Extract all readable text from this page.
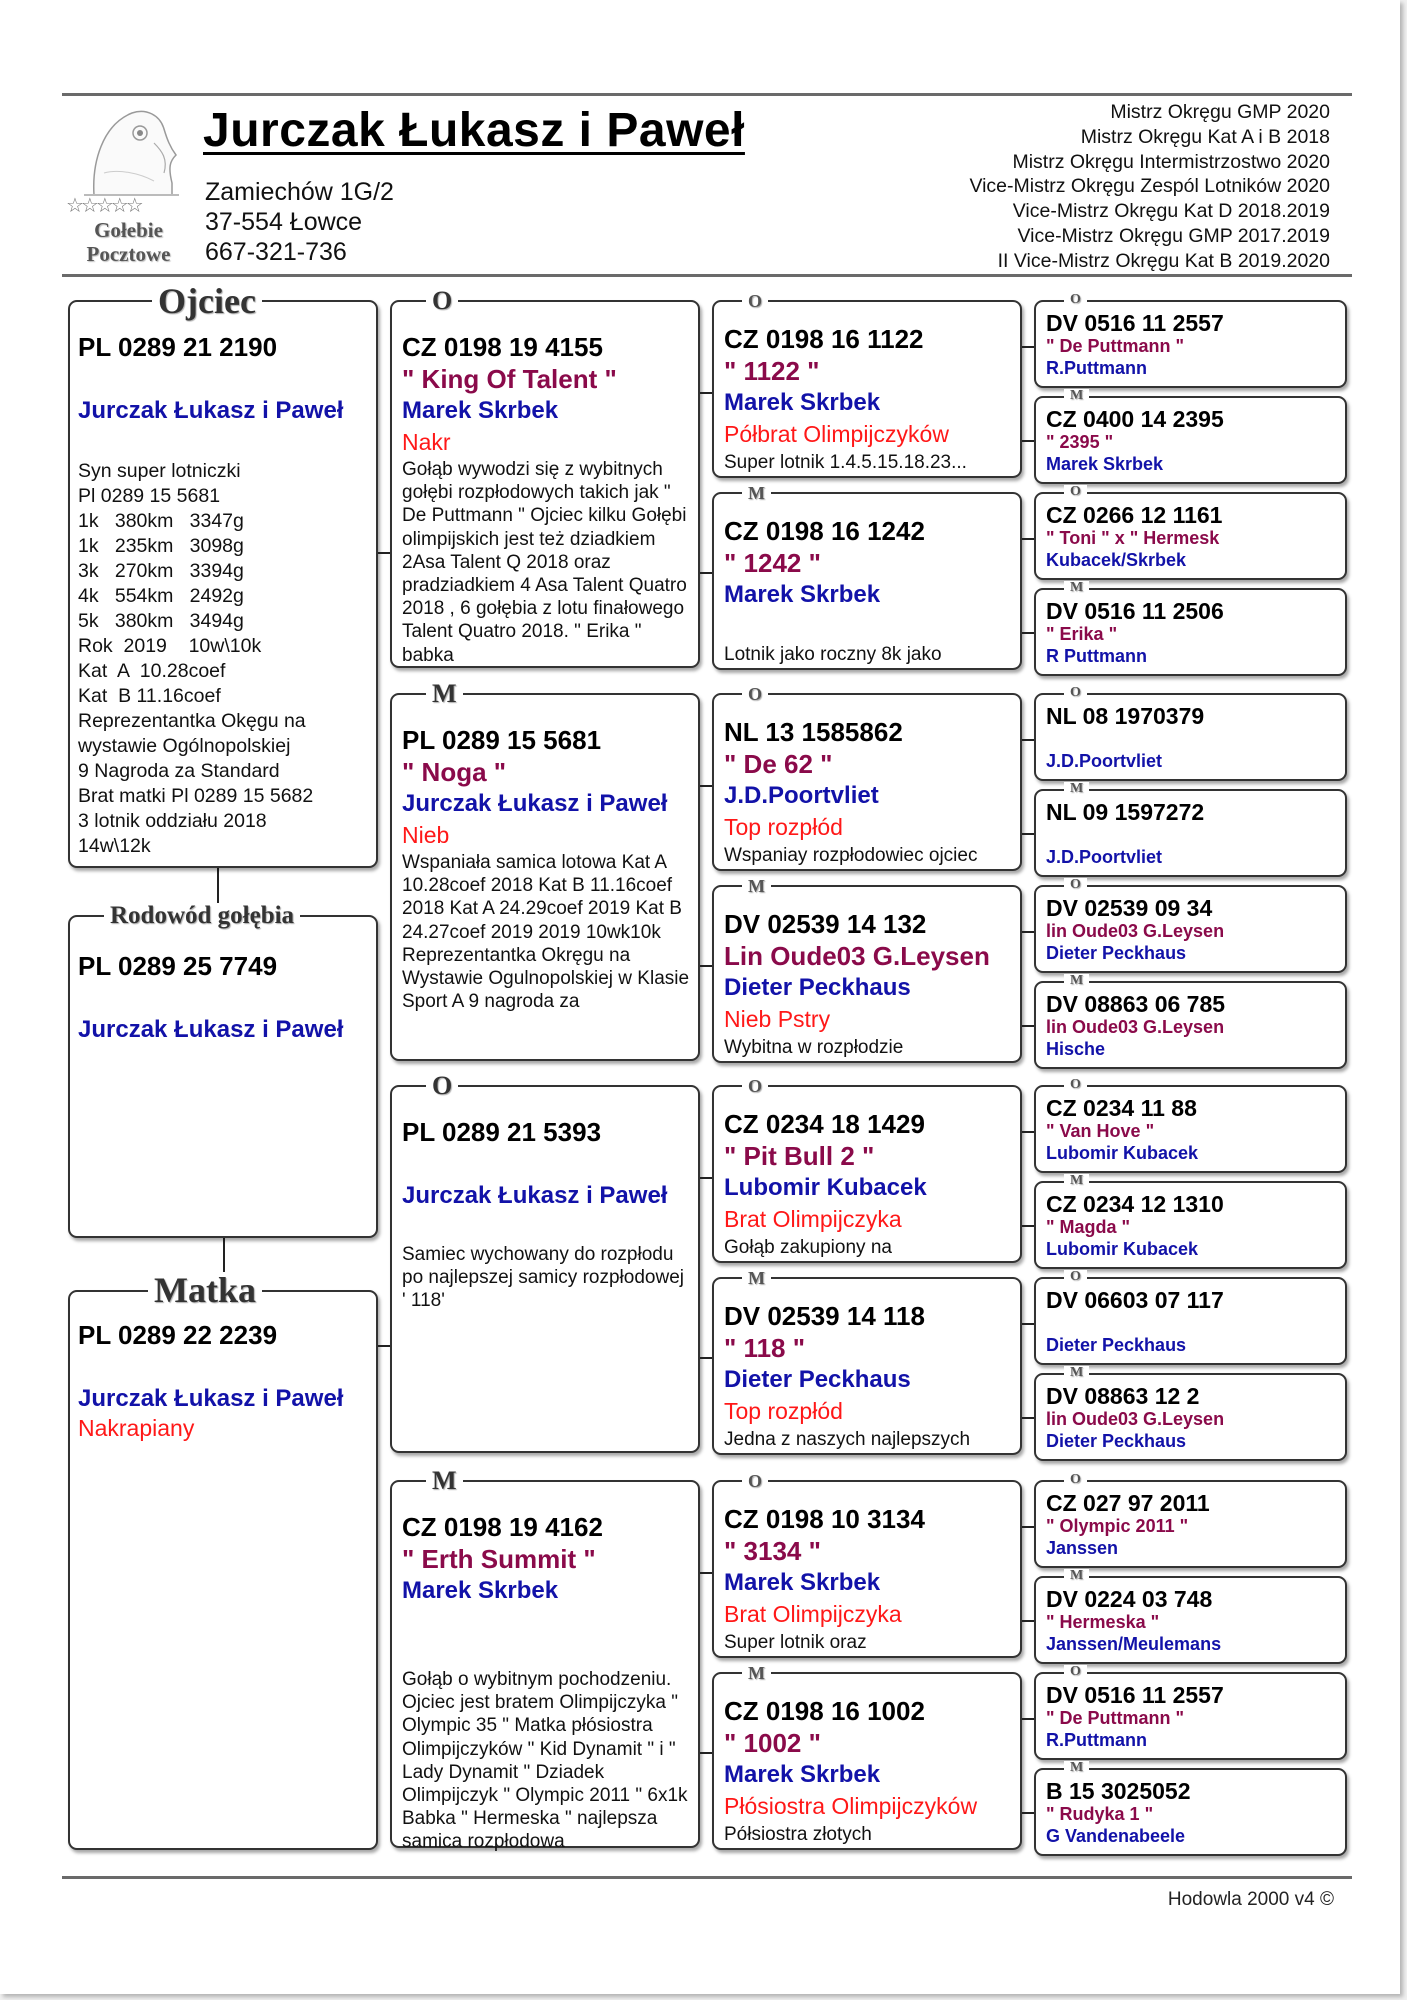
☆☆☆☆☆
Gołebie
Pocztowe
Jurczak Łukasz i Paweł
Zamiechów 1G/2
37-554 Łowce
667-321-736
Mistrz Okręgu GMP 2020
Mistrz Okręgu Kat A i B 2018
Mistrz Okręgu Intermistrzostwo 2020
Vice-Mistrz Okręgu Zespól Lotników 2020
Vice-Mistrz Okręgu Kat D 2018.2019
Vice-Mistrz Okręgu GMP 2017.2019
II Vice-Mistrz Okręgu Kat B 2019.2020
Ojciec
PL 0289 21 2190
Jurczak Łukasz i Paweł
Syn super lotniczki
Pl 0289 15 5681
1k   380km   3347g
1k   235km   3098g
3k   270km   3394g
4k   554km   2492g
5k   380km   3494g
Rok  2019    10w\10k
Kat  A  10.28coef
Kat  B 11.16coef
Reprezentantka Okęgu na
wystawie Ogólnopolskiej
9 Nagroda za Standard
Brat matki Pl 0289 15 5682
3 lotnik oddziału 2018
14w\12k
Rodowód gołębia
PL 0289 25 7749
Jurczak Łukasz i Paweł
Matka
PL 0289 22 2239
Jurczak Łukasz i Paweł
Nakrapiany
Hodowla 2000 v4 ©
O
CZ 0198 19 4155
" King Of Talent "
Marek Skrbek
Nakr
Gołąb wywodzi się z wybitnych gołębi rozpłodowych takich jak " De Puttmann " Ojciec kilku Gołębi olimpijskich jest też dziadkiem 2Asa Talent Q 2018 oraz pradziadkiem 4 Asa Talent Quatro 2018 , 6 gołębia z lotu finałowego Talent Quatro 2018. " Erika " babka
M
PL 0289 15 5681
" Noga "
Jurczak Łukasz i Paweł
Nieb
Wspaniała samica lotowa Kat A 10.28coef 2018 Kat B 11.16coef 2018 Kat A 24.29coef 2019 Kat B 24.27coef 2019 2019 10wk10k Reprezentantka Okręgu na Wystawie Ogulnopolskiej w Klasie Sport A 9 nagroda za
O
PL 0289 21 5393
Jurczak Łukasz i Paweł
Samiec wychowany do rozpłodu po najlepszej samicy rozpłodowej ' 118'
M
CZ 0198 19 4162
" Erth Summit "
Marek Skrbek
Gołąb o wybitnym pochodzeniu. Ojciec jest bratem Olimpijczyka " Olympic 35 " Matka płósiostra Olimpijczyków " Kid Dynamit " i " Lady Dynamit " Dziadek Olimpijczyk " Olympic 2011 " 6x1k Babka " Hermeska " najlepsza samica rozpłodowa
O
CZ 0198 16 1122
" 1122 "
Marek Skrbek
Półbrat Olimpijczyków
Super lotnik 1.4.5.15.18.23...
M
CZ 0198 16 1242
" 1242 "
Marek Skrbek
Lotnik jako roczny 8k jako
O
NL 13 1585862
" De 62 "
J.D.Poortvliet
Top rozpłód
Wspaniay rozpłodowiec ojciec
M
DV 02539 14 132
Lin Oude03 G.Leysen
Dieter Peckhaus
Nieb Pstry
Wybitna w rozpłodzie
O
CZ 0234 18 1429
" Pit Bull 2 "
Lubomir Kubacek
Brat Olimpijczyka
Gołąb zakupiony na
M
DV 02539 14 118
" 118 "
Dieter Peckhaus
Top rozpłód
Jedna z naszych najlepszych
O
CZ 0198 10 3134
" 3134 "
Marek Skrbek
Brat Olimpijczyka
Super lotnik oraz
M
CZ 0198 16 1002
" 1002 "
Marek Skrbek
Płósiostra Olimpijczyków
Półsiostra złotych
O
DV 0516 11 2557
" De Puttmann "
R.Puttmann
M
CZ 0400 14 2395
" 2395 "
Marek Skrbek
O
CZ 0266 12 1161
" Toni " x " Hermesk
Kubacek/Skrbek
M
DV 0516 11 2506
" Erika "
R Puttmann
O
NL 08 1970379
J.D.Poortvliet
M
NL 09 1597272
J.D.Poortvliet
O
DV 02539 09 34
lin Oude03 G.Leysen
Dieter Peckhaus
M
DV 08863 06 785
lin Oude03 G.Leysen
Hische
O
CZ 0234 11 88
" Van Hove "
Lubomir Kubacek
M
CZ 0234 12 1310
" Magda "
Lubomir Kubacek
O
DV 06603 07 117
Dieter Peckhaus
M
DV 08863 12 2
lin Oude03 G.Leysen
Dieter Peckhaus
O
CZ 027 97 2011
" Olympic 2011 "
Janssen
M
DV 0224 03 748
" Hermeska "
Janssen/Meulemans
O
DV 0516 11 2557
" De Puttmann "
R.Puttmann
M
B 15 3025052
" Rudyka 1 "
G Vandenabeele
